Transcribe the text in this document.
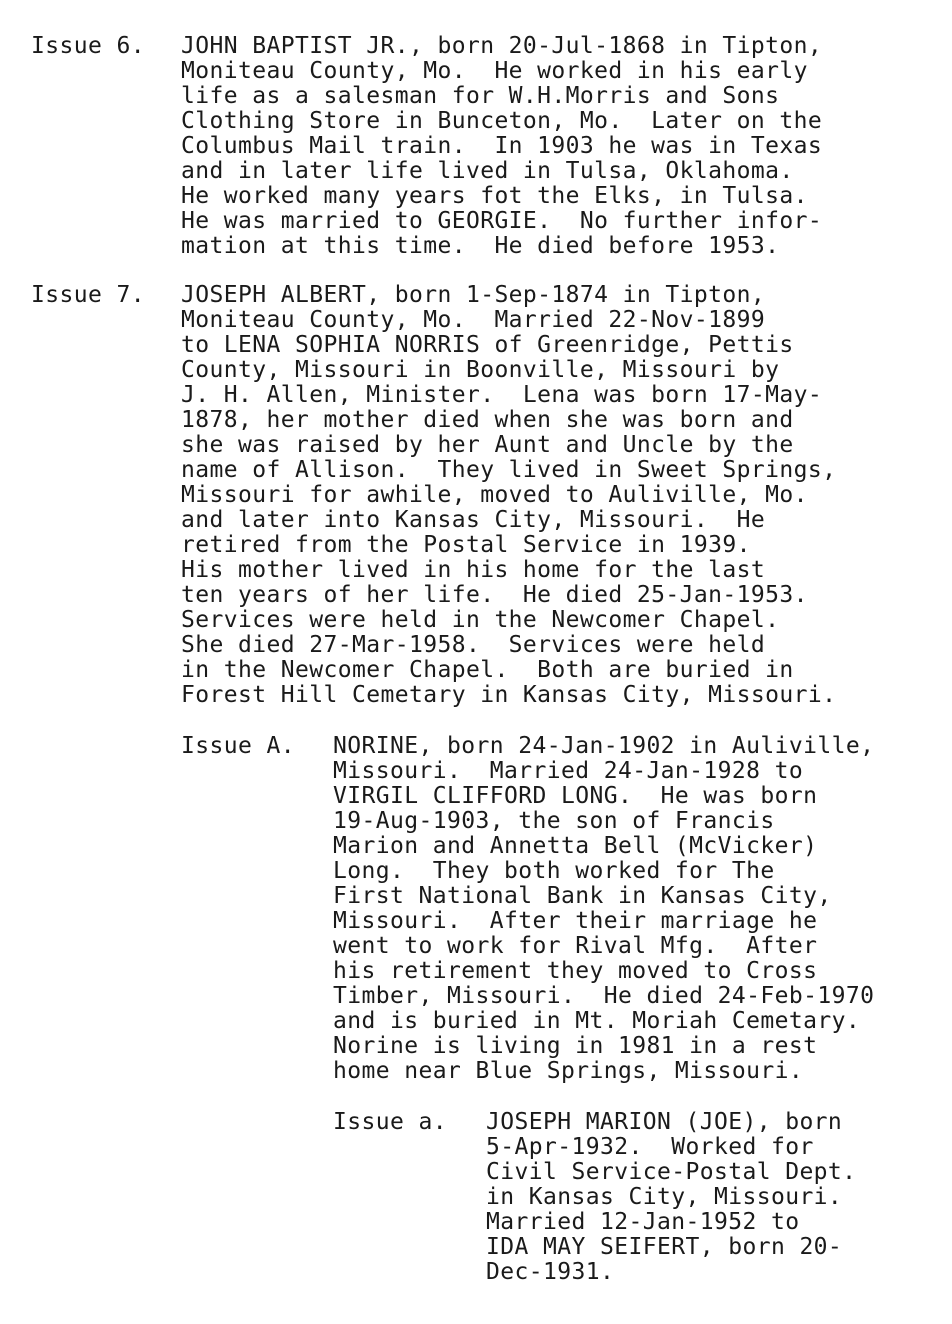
Issue 6. JOHN BAPTIST JR., born 20-Jul-1868 in Tipton,
Moniteau County, Mo.  He worked in his early
life as a salesman for W.H.Morris and Sons
Clothing Store in Bunceton, Mo.  Later on the
Columbus Mail train.  In 1903 he was in Texas
and in later life lived in Tulsa, Oklahoma.
He worked many years fot the Elks, in Tulsa.
He was married to GEORGIE.  No further infor-
mation at this time.  He died before 1953.
Issue 7. JOSEPH ALBERT, born 1-Sep-1874 in Tipton,
Moniteau County, Mo.  Married 22-Nov-1899
to LENA SOPHIA NORRIS of Greenridge, Pettis
County, Missouri in Boonville, Missouri by
J. H. Allen, Minister.  Lena was born 17-May-
1878, her mother died when she was born and
she was raised by her Aunt and Uncle by the
name of Allison.  They lived in Sweet Springs,
Missouri for awhile, moved to Auliville, Mo.
and later into Kansas City, Missouri.  He
retired from the Postal Service in 1939.
His mother lived in his home for the last
ten years of her life.  He died 25-Jan-1953.
Services were held in the Newcomer Chapel.
She died 27-Mar-1958.  Services were held
in the Newcomer Chapel.  Both are buried in
Forest Hill Cemetary in Kansas City, Missouri.
Issue A. NORINE, born 24-Jan-1902 in Auliville,
Missouri.  Married 24-Jan-1928 to
VIRGIL CLIFFORD LONG.  He was born
19-Aug-1903, the son of Francis
Marion and Annetta Bell (McVicker)
Long.  They both worked for The
First National Bank in Kansas City,
Missouri.  After their marriage he
went to work for Rival Mfg.  After
his retirement they moved to Cross
Timber, Missouri.  He died 24-Feb-1970
and is buried in Mt. Moriah Cemetary.
Norine is living in 1981 in a rest
home near Blue Springs, Missouri.
Issue a. JOSEPH MARION (JOE), born
5-Apr-1932.  Worked for
Civil Service-Postal Dept.
in Kansas City, Missouri.
Married 12-Jan-1952 to
IDA MAY SEIFERT, born 20-
Dec-1931.
